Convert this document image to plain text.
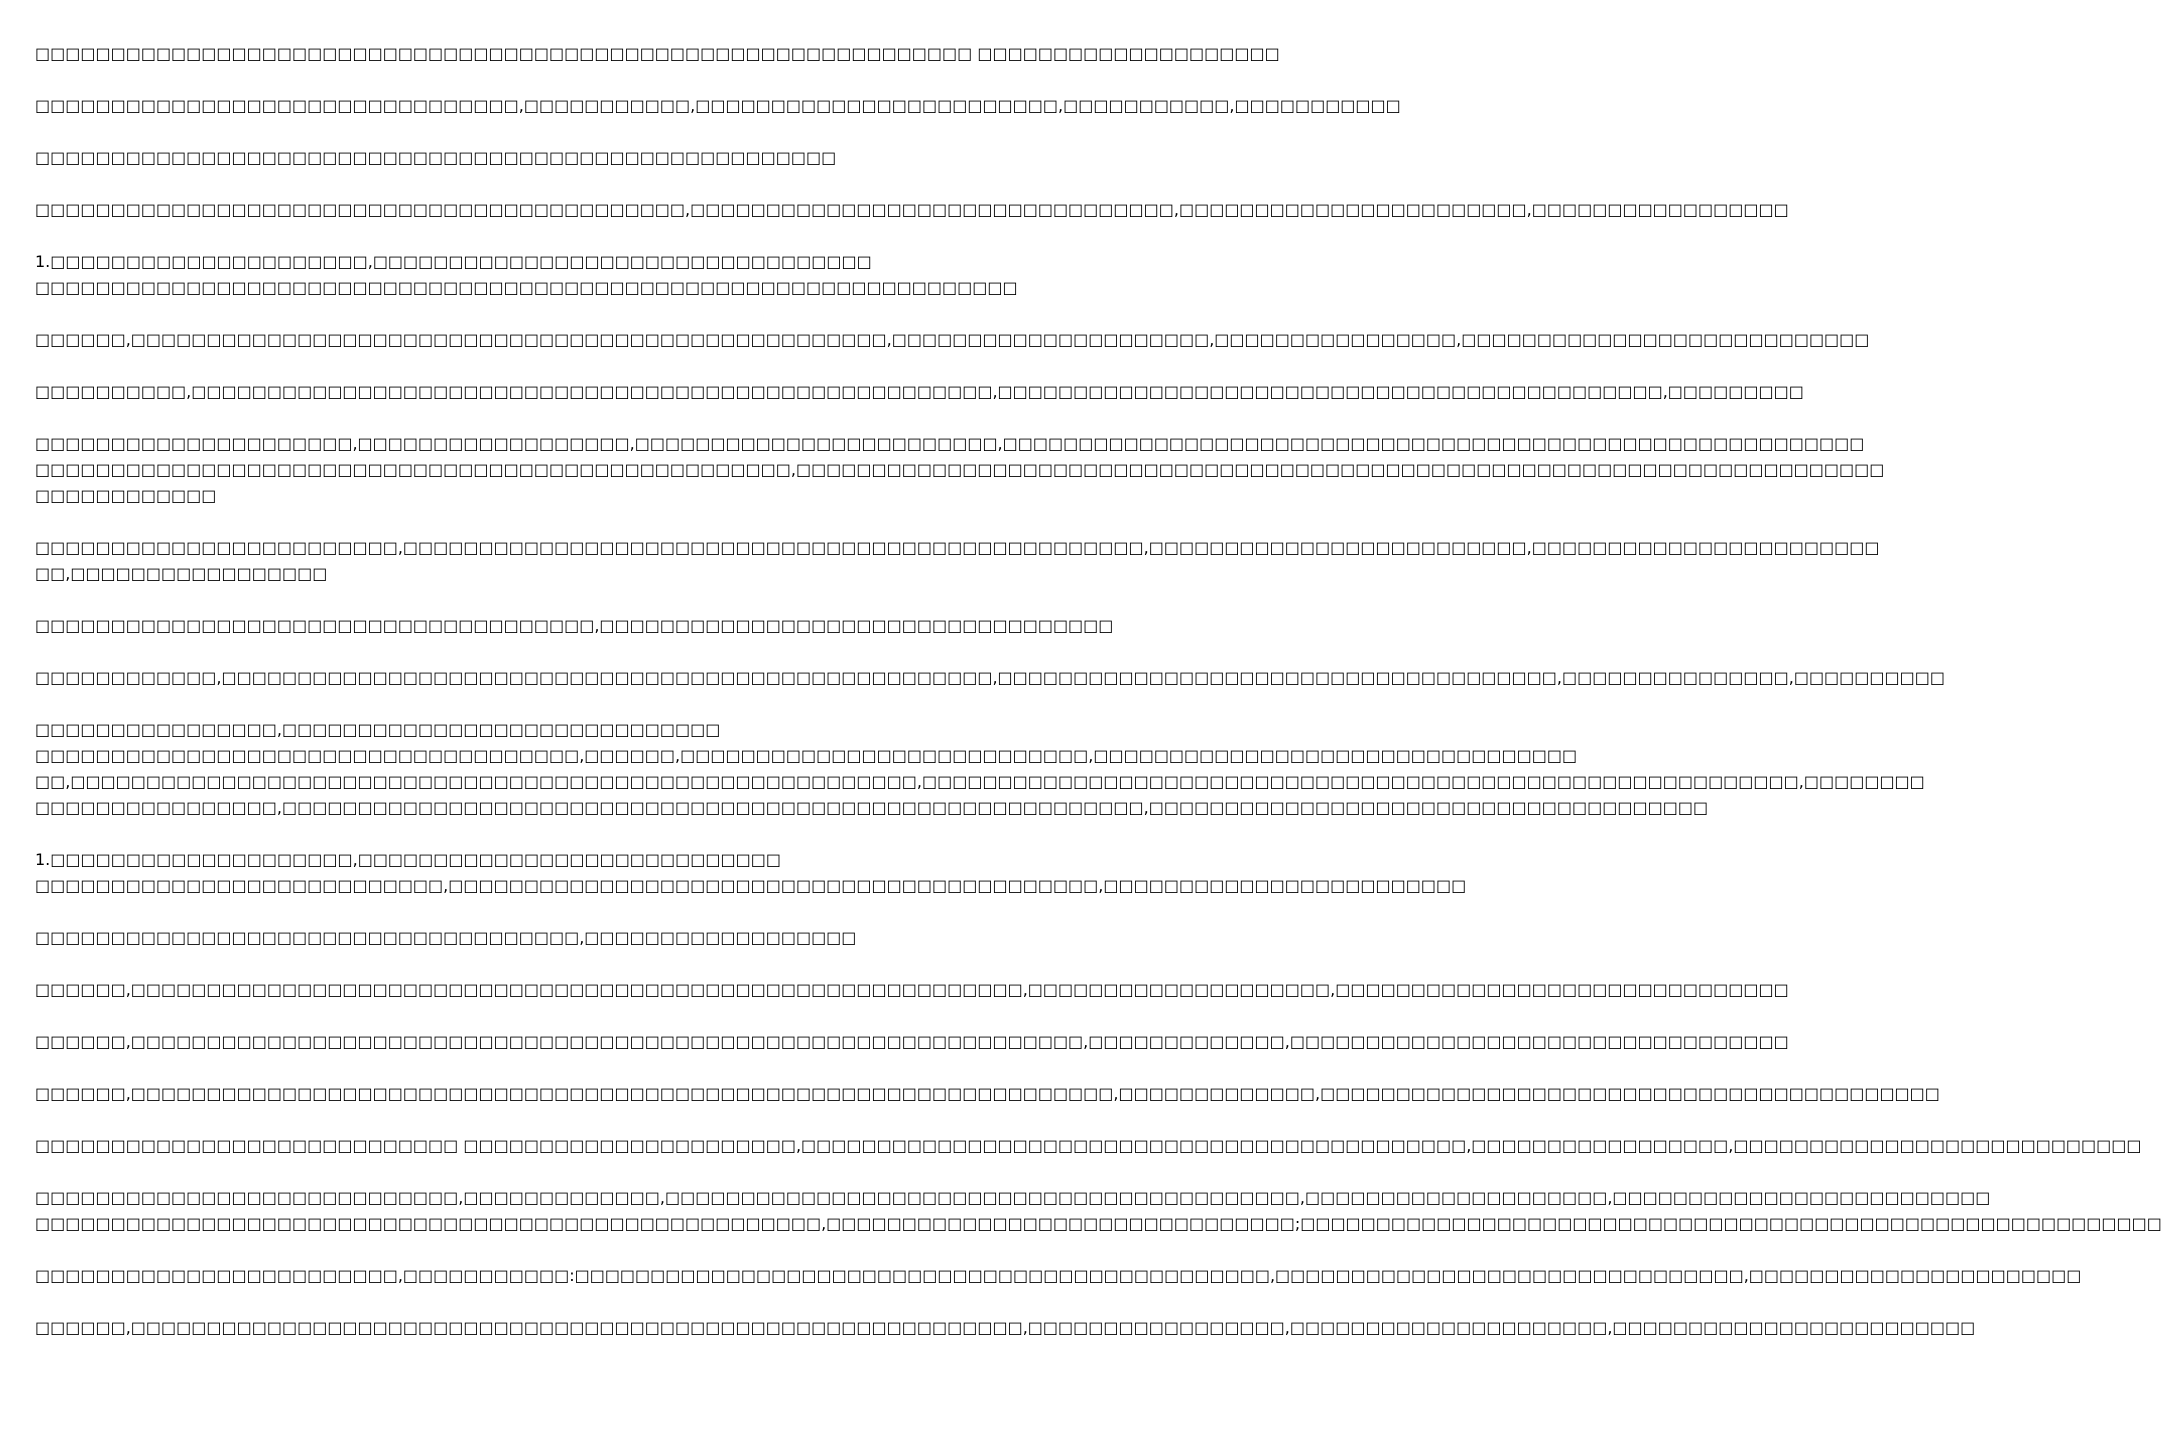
□□□□□□□□□□□□□□□□□□□□□□□□□□□□□□□□□□□□□□□□□□□□□□□□□□□□□□□□□□□□□□ □□□□□□□□□□□□□□□□□□□□
□□□□□□□□□□□□□□□□□□□□□□□□□□□□□□□□,□□□□□□□□□□□,□□□□□□□□□□□□□□□□□□□□□□□□,□□□□□□□□□□□,□□□□□□□□□□□
□□□□□□□□□□□□□□□□□□□□□□□□□□□□□□□□□□□□□□□□□□□□□□□□□□□□□
□□□□□□□□□□□□□□□□□□□□□□□□□□□□□□□□□□□□□□□□□□□,□□□□□□□□□□□□□□□□□□□□□□□□□□□□□□□□,□□□□□□□□□□□□□□□□□□□□□□□,□□□□□□□□□□□□□□□□□
1.□□□□□□□□□□□□□□□□□□□□□,□□□□□□□□□□□□□□□□□□□□□□□□□□□□□□□□□
□□□□□□□□□□□□□□□□□□□□□□□□□□□□□□□□□□□□□□□□□□□□□□□□□□□□□□□□□□□□□□□□□
□□□□□□,□□□□□□□□□□□□□□□□□□□□□□□□□□□□□□□□□□□□□□□□□□□□□□□□□□,□□□□□□□□□□□□□□□□□□□□□,□□□□□□□□□□□□□□□□,□□□□□□□□□□□□□□□□□□□□□□□□□□□
□□□□□□□□□□,□□□□□□□□□□□□□□□□□□□□□□□□□□□□□□□□□□□□□□□□□□□□□□□□□□□□□,□□□□□□□□□□□□□□□□□□□□□□□□□□□□□□□□□□□□□□□□□□□□,□□□□□□□□□
□□□□□□□□□□□□□□□□□□□□□,□□□□□□□□□□□□□□□□□□,□□□□□□□□□□□□□□□□□□□□□□□□,□□□□□□□□□□□□□□□□□□□□□□□□□□□□□□□□□□□□□□□□□□□□□□□□□□□□□□□□□
□□□□□□□□□□□□□□□□□□□□□□□□□□□□□□□□□□□□□□□□□□□□□□□□□□,□□□□□□□□□□□□□□□□□□□□□□□□□□□□□□□□□□□□□□□□□□□□□□□□□□□□□□□□□□□□□□□□□□□□□□□□
□□□□□□□□□□□□
□□□□□□□□□□□□□□□□□□□□□□□□,□□□□□□□□□□□□□□□□□□□□□□□□□□□□□□□□□□□□□□□□□□□□□□□□□,□□□□□□□□□□□□□□□□□□□□□□□□□,□□□□□□□□□□□□□□□□□□□□□□□
□□,□□□□□□□□□□□□□□□□□
□□□□□□□□□□□□□□□□□□□□□□□□□□□□□□□□□□□□□,□□□□□□□□□□□□□□□□□□□□□□□□□□□□□□□□□□
□□□□□□□□□□□□,□□□□□□□□□□□□□□□□□□□□□□□□□□□□□□□□□□□□□□□□□□□□□□□□□□□,□□□□□□□□□□□□□□□□□□□□□□□□□□□□□□□□□□□□□,□□□□□□□□□□□□□□□,□□□□□□□□□□
□□□□□□□□□□□□□□□□,□□□□□□□□□□□□□□□□□□□□□□□□□□□□□
□□□□□□□□□□□□□□□□□□□□□□□□□□□□□□□□□□□□,□□□□□□,□□□□□□□□□□□□□□□□□□□□□□□□□□□,□□□□□□□□□□□□□□□□□□□□□□□□□□□□□□□□
□□,□□□□□□□□□□□□□□□□□□□□□□□□□□□□□□□□□□□□□□□□□□□□□□□□□□□□□□□□,□□□□□□□□□□□□□□□□□□□□□□□□□□□□□□□□□□□□□□□□□□□□□□□□□□□□□□□□□□,□□□□□□□□
□□□□□□□□□□□□□□□□,□□□□□□□□□□□□□□□□□□□□□□□□□□□□□□□□□□□□□□□□□□□□□□□□□□□□□□□□□,□□□□□□□□□□□□□□□□□□□□□□□□□□□□□□□□□□□□□
1.□□□□□□□□□□□□□□□□□□□□,□□□□□□□□□□□□□□□□□□□□□□□□□□□□
□□□□□□□□□□□□□□□□□□□□□□□□□□□,□□□□□□□□□□□□□□□□□□□□□□□□□□□□□□□□□□□□□□□□□□□,□□□□□□□□□□□□□□□□□□□□□□□□
□□□□□□□□□□□□□□□□□□□□□□□□□□□□□□□□□□□□,□□□□□□□□□□□□□□□□□□
□□□□□□,□□□□□□□□□□□□□□□□□□□□□□□□□□□□□□□□□□□□□□□□□□□□□□□□□□□□□□□□□□□,□□□□□□□□□□□□□□□□□□□□,□□□□□□□□□□□□□□□□□□□□□□□□□□□□□□
□□□□□□,□□□□□□□□□□□□□□□□□□□□□□□□□□□□□□□□□□□□□□□□□□□□□□□□□□□□□□□□□□□□□□□,□□□□□□□□□□□□□,□□□□□□□□□□□□□□□□□□□□□□□□□□□□□□□□□
□□□□□□,□□□□□□□□□□□□□□□□□□□□□□□□□□□□□□□□□□□□□□□□□□□□□□□□□□□□□□□□□□□□□□□□□,□□□□□□□□□□□□□,□□□□□□□□□□□□□□□□□□□□□□□□□□□□□□□□□□□□□□□□□
□□□□□□□□□□□□□□□□□□□□□□□□□□□□ □□□□□□□□□□□□□□□□□□□□□□,□□□□□□□□□□□□□□□□□□□□□□□□□□□□□□□□□□□□□□□□□□□□,□□□□□□□□□□□□□□□□□,□□□□□□□□□□□□□□□□□□□□□□□□□□□
□□□□□□□□□□□□□□□□□□□□□□□□□□□□,□□□□□□□□□□□□□,□□□□□□□□□□□□□□□□□□□□□□□□□□□□□□□□□□□□□□□□□□,□□□□□□□□□□□□□□□□□□□□,□□□□□□□□□□□□□□□□□□□□□□□□□
□□□□□□□□□□□□□□□□□□□□□□□□□□□□□□□□□□□□□□□□□□□□□□□□□□□□,□□□□□□□□□□□□□□□□□□□□□□□□□□□□□□□;□□□□□□□□□□□□□□□□□□□□□□□□□□□□□□□□□□□□□□□□□□□□□□□□□□□□□□□□□
□□□□□□□□□□□□□□□□□□□□□□□□,□□□□□□□□□□□:□□□□□□□□□□□□□□□□□□□□□□□□□□□□□□□□□□□□□□□□□□□□□□,□□□□□□□□□□□□□□□□□□□□□□□□□□□□□□□,□□□□□□□□□□□□□□□□□□□□□□
□□□□□□,□□□□□□□□□□□□□□□□□□□□□□□□□□□□□□□□□□□□□□□□□□□□□□□□□□□□□□□□□□□,□□□□□□□□□□□□□□□□□,□□□□□□□□□□□□□□□□□□□□□,□□□□□□□□□□□□□□□□□□□□□□□□
